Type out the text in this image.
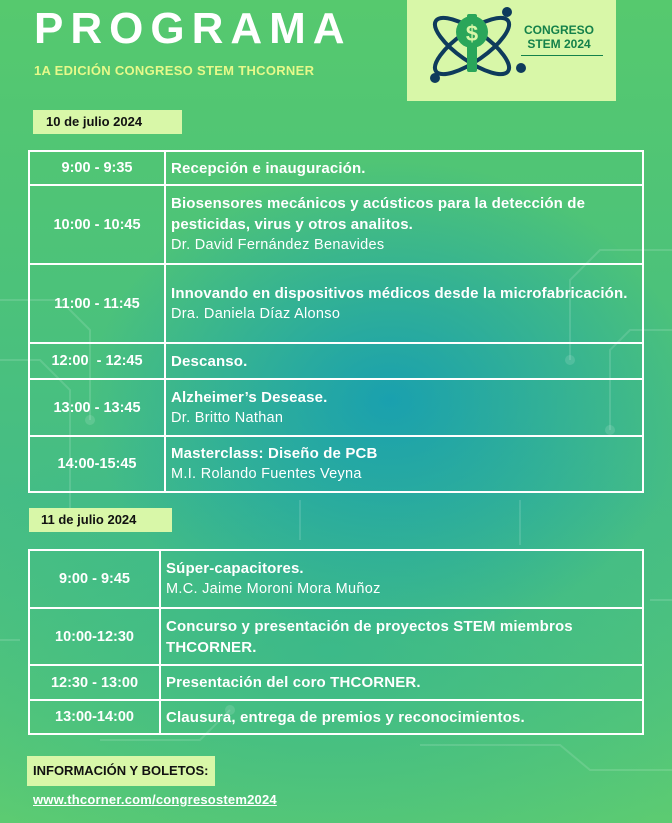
PROGRAMA
1A EDICIÓN CONGRESO STEM THCORNER
$	CONGRESO
STEM 2024
10 de julio 2024
9:00 - 9:35	Recepción e inauguración.

10:00 - 10:45	Biosensores mecánicos y acústicos para la detección de pesticidas, virus y otros analitos.
Dr. David Fernández Benavides

11:00 - 11:45	Innovando en dispositivos médicos desde la microfabricación.
Dra. Daniela Díaz Alonso

12:00  - 12:45	Descanso.

13:00 - 13:45	Alzheimer’s Desease.
Dr. Britto Nathan

14:00-15:45	Masterclass: Diseño de PCB
M.I. Rolando Fuentes Veyna
11 de julio 2024
9:00 - 9:45	Súper-capacitores.
M.C. Jaime Moroni Mora Muñoz

10:00-12:30	Concurso y presentación de proyectos STEM miembros THCORNER.

12:30 - 13:00	Presentación del coro THCORNER.

13:00-14:00	Clausura, entrega de premios y reconocimientos.
INFORMACIÓN Y BOLETOS:
www.thcorner.com/congresostem2024
